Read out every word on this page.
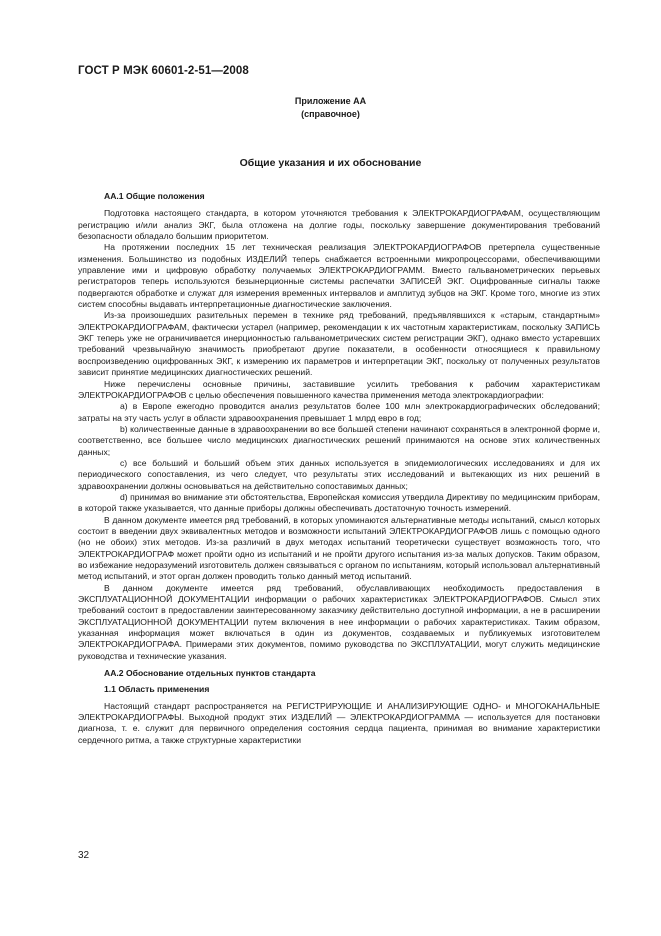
ГОСТ Р МЭК 60601-2-51—2008
Приложение АА
(справочное)
Общие указания и их обоснование
АА.1 Общие положения

Подготовка настоящего стандарта, в котором уточняются требования к ЭЛЕКТРОКАРДИОГРАФАМ, осуществляющим регистрацию и/или анализ ЭКГ, была отложена на долгие годы, поскольку завершение документирования требований безопасности обладало большим приоритетом.

На протяжении последних 15 лет техническая реализация ЭЛЕКТРОКАРДИОГРАФОВ претерпела существенные изменения. Большинство из подобных ИЗДЕЛИЙ теперь снабжается встроенными микропроцессорами, обеспечивающими управление ими и цифровую обработку получаемых ЭЛЕКТРОКАРДИОГРАММ. Вместо гальванометрических перьевых регистраторов теперь используются безынерционные системы распечатки ЗАПИСЕЙ ЭКГ. Оцифрованные сигналы также подвергаются обработке и служат для измерения временных интервалов и амплитуд зубцов на ЭКГ. Кроме того, многие из этих систем способны выдавать интерпретационные диагностические заключения.

Из-за произошедших разительных перемен в технике ряд требований, предъявлявшихся к «старым, стандартным» ЭЛЕКТРОКАРДИОГРАФАМ, фактически устарел (например, рекомендации к их частотным характеристикам, поскольку ЗАПИСЬ ЭКГ теперь уже не ограничивается инерционностью гальванометрических систем регистрации ЭКГ), однако вместо устаревших требований чрезвычайную значимость приобретают другие показатели, в особенности относящиеся к правильному воспроизведению оцифрованных ЭКГ, к измерению их параметров и интерпретации ЭКГ, поскольку от полученных результатов зависит принятие медицинских диагностических решений.

Ниже перечислены основные причины, заставившие усилить требования к рабочим характеристикам ЭЛЕКТРОКАРДИОГРАФОВ с целью обеспечения повышенного качества применения метода электрокардиографии:

a) в Европе ежегодно проводится анализ результатов более 100 млн электрокардиографических обследований; затраты на эту часть услуг в области здравоохранения превышает 1 млрд евро в год;

b) количественные данные в здравоохранении во все большей степени начинают сохраняться в электронной форме и, соответственно, все большее число медицинских диагностических решений принимаются на основе этих количественных данных;

c) все больший и больший объем этих данных используется в эпидемиологических исследованиях и для их периодического сопоставления, из чего следует, что результаты этих исследований и вытекающих из них решений в здравоохранении должны основываться на действительно сопоставимых данных;

d) принимая во внимание эти обстоятельства, Европейская комиссия утвердила Директиву по медицинским приборам, в которой также указывается, что данные приборы должны обеспечивать достаточную точность измерений.

В данном документе имеется ряд требований, в которых упоминаются альтернативные методы испытаний, смысл которых состоит в введении двух эквивалентных методов и возможности испытаний ЭЛЕКТРОКАРДИОГРАФОВ лишь с помощью одного (но не обоих) этих методов. Из-за различий в двух методах испытаний теоретически существует возможность того, что ЭЛЕКТРОКАРДИОГРАФ может пройти одно из испытаний и не пройти другого испытания из-за малых допусков. Таким образом, во избежание недоразумений изготовитель должен связываться с органом по испытаниям, который использовал альтернативный метод испытаний, и этот орган должен проводить только данный метод испытаний.

В данном документе имеется ряд требований, обуславливающих необходимость предоставления в ЭКСПЛУАТАЦИОННОЙ ДОКУМЕНТАЦИИ информации о рабочих характеристиках ЭЛЕКТРОКАРДИОГРАФОВ. Смысл этих требований состоит в предоставлении заинтересованному заказчику действительно доступной информации, а не в расширении ЭКСПЛУАТАЦИОННОЙ ДОКУМЕНТАЦИИ путем включения в нее информации о рабочих характеристиках. Таким образом, указанная информация может включаться в один из документов, создаваемых и публикуемых изготовителем ЭЛЕКТРОКАРДИОГРАФА. Примерами этих документов, помимо руководства по ЭКСПЛУАТАЦИИ, могут служить медицинские руководства и технические указания.

АА.2 Обоснование отдельных пунктов стандарта
1.1 Область применения

Настоящий стандарт распространяется на РЕГИСТРИРУЮЩИЕ И АНАЛИЗИРУЮЩИЕ ОДНО- и МНОГОКАНАЛЬНЫЕ ЭЛЕКТРОКАРДИОГРАФЫ. Выходной продукт этих ИЗДЕЛИЙ — ЭЛЕКТРОКАРДИОГРАММА — используется для постановки диагноза, т. е. служит для первичного определения состояния сердца пациента, принимая во внимание характеристики сердечного ритма, а также структурные характеристики

32
